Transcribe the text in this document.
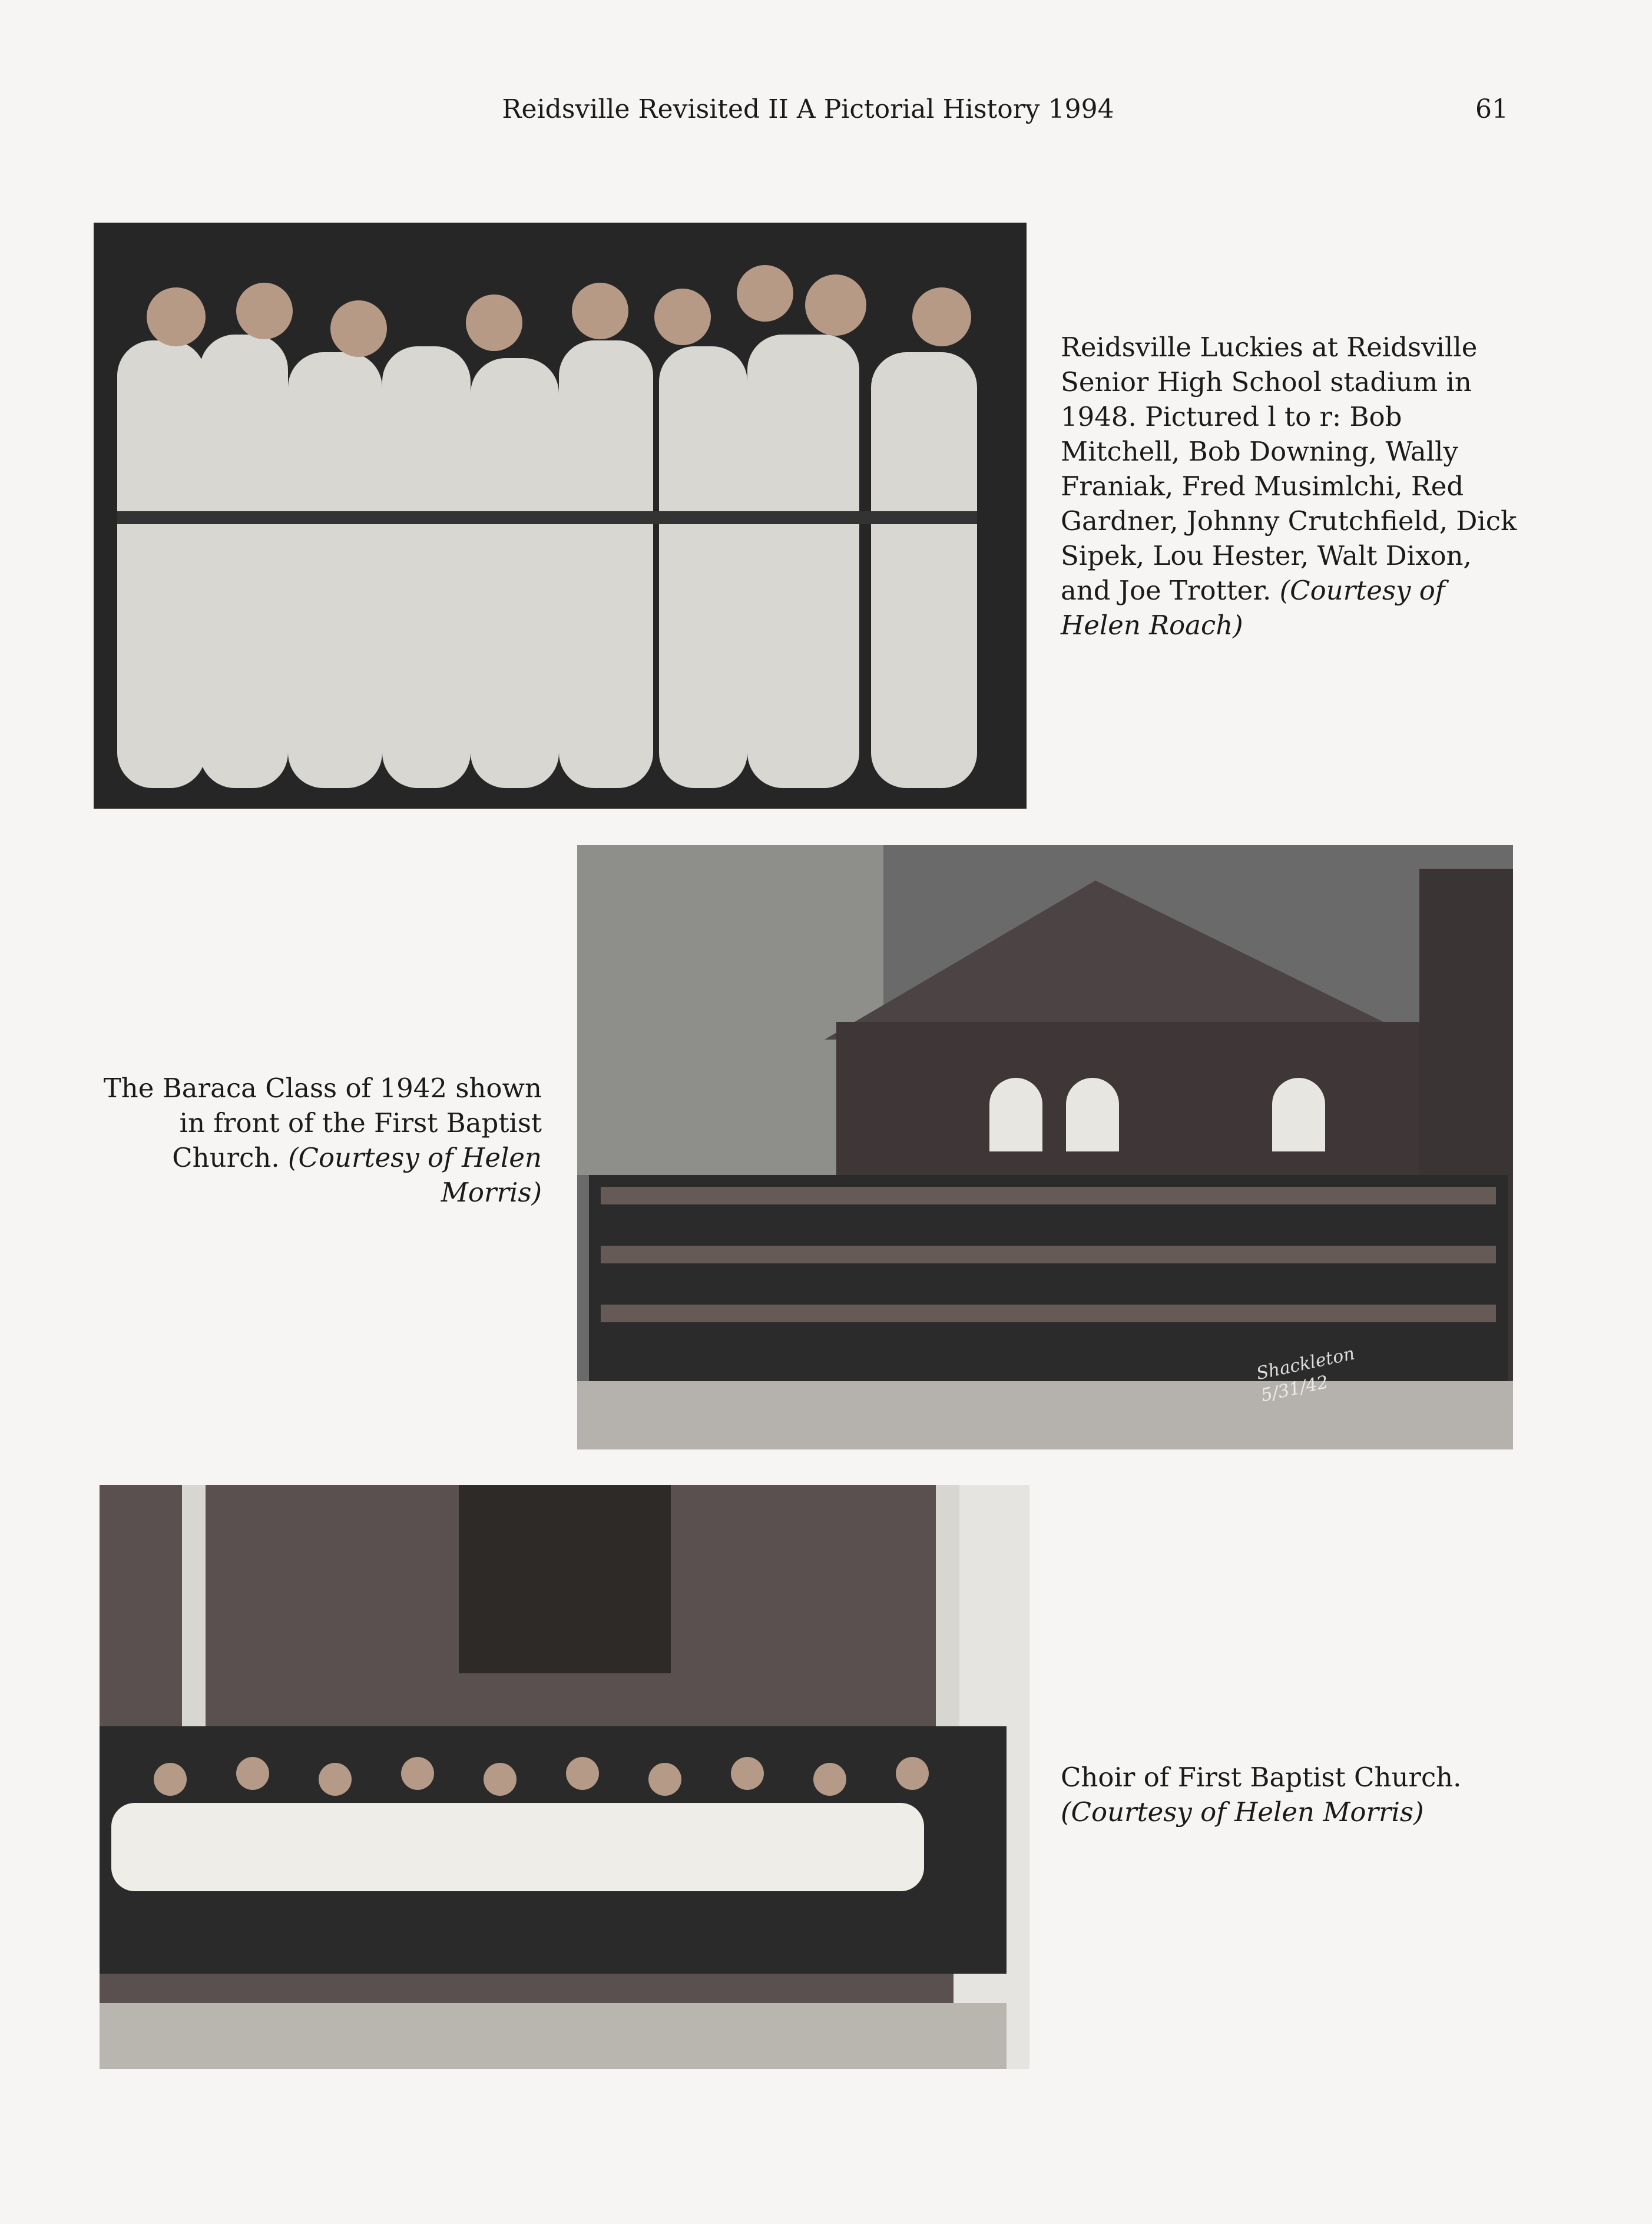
Reidsville Revisited II A Pictorial History 1994	61
Reidsville Luckies at Reidsville Senior High School stadium in 1948. Pictured l to r: Bob Mitchell, Bob Downing, Wally Franiak, Fred Musimlchi, Red Gardner, Johnny Crutchfield, Dick Sipek, Lou Hester, Walt Dixon, and Joe Trotter. (Courtesy of Helen Roach)
Shackleton 5/31/42
The Baraca Class of 1942 shown in front of the First Baptist Church. (Courtesy of Helen Morris)
Choir of First Baptist Church.
(Courtesy of Helen Morris)
